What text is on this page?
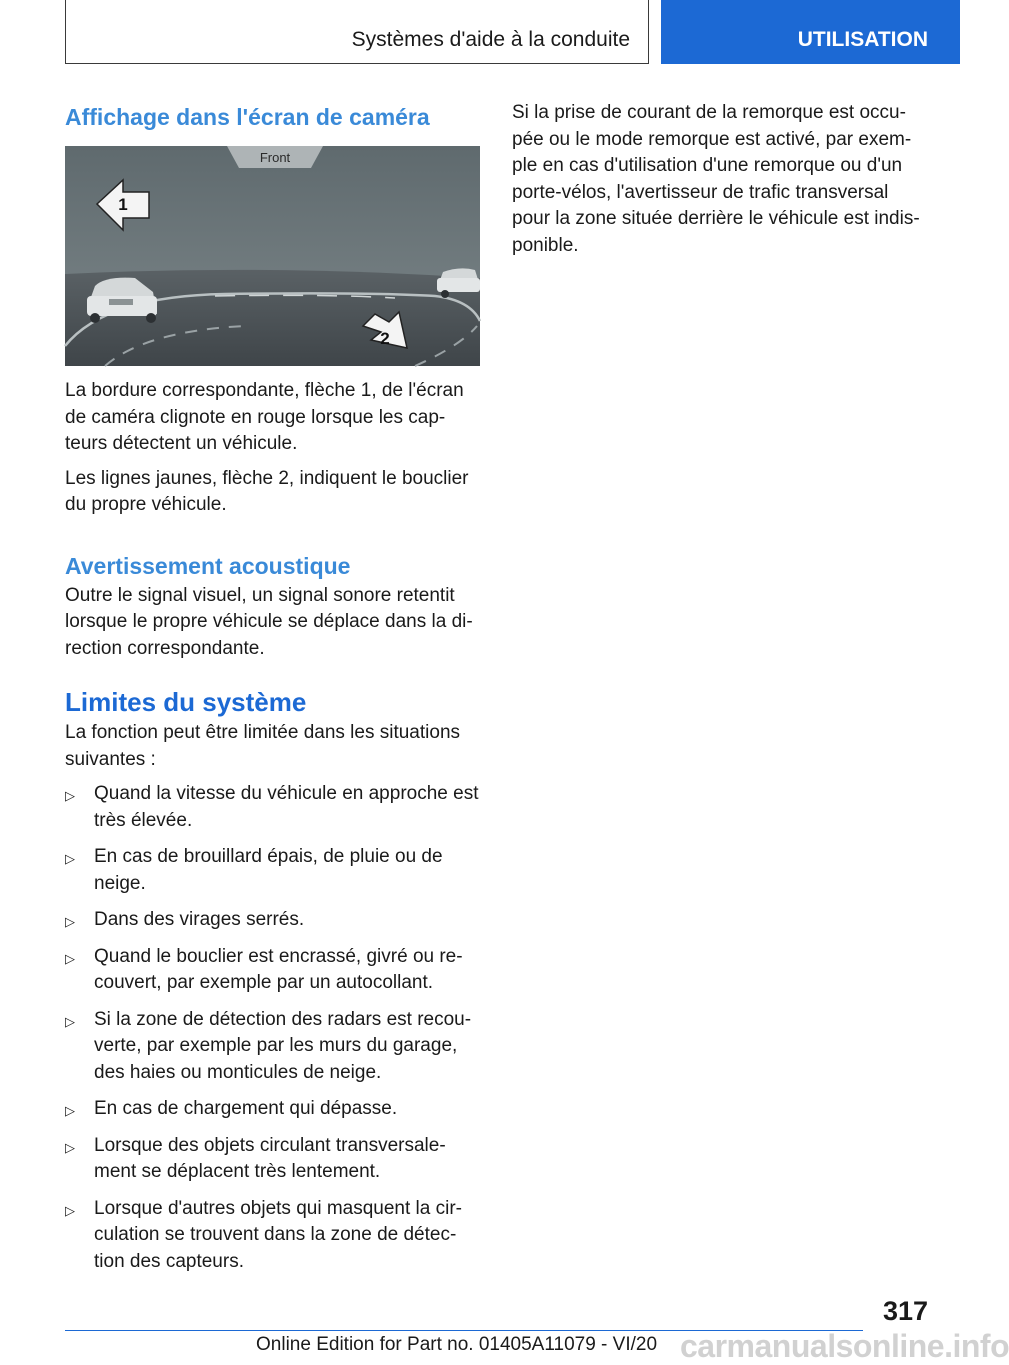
Systèmes d'aide à la conduite	UTILISATION
Affichage dans l'écran de caméra
Front
1
2

La bordure correspondante, flèche 1, de l'écran de caméra clignote en rouge lorsque les cap-teurs détectent un véhicule.

Les lignes jaunes, flèche 2, indiquent le bouclier du propre véhicule.

Avertissement acoustique

Outre le signal visuel, un signal sonore retentit lorsque le propre véhicule se déplace dans la di-rection correspondante.

Limites du système

La fonction peut être limitée dans les situations suivantes :

▷ Quand la vitesse du véhicule en approche est très élevée.
▷ En cas de brouillard épais, de pluie ou de neige.
▷ Dans des virages serrés.
▷ Quand le bouclier est encrassé, givré ou re-couvert, par exemple par un autocollant.
▷ Si la zone de détection des radars est recou-verte, par exemple par les murs du garage, des haies ou monticules de neige.
▷ En cas de chargement qui dépasse.
▷ Lorsque des objets circulant transversale-ment se déplacent très lentement.
▷ Lorsque d'autres objets qui masquent la cir-culation se trouvent dans la zone de détec-tion des capteurs.

Si la prise de courant de la remorque est occu-pée ou le mode remorque est activé, par exem-ple en cas d'utilisation d'une remorque ou d'un porte-vélos, l'avertisseur de trafic transversal pour la zone située derrière le véhicule est indis-ponible.

317
Online Edition for Part no. 01405A11079 - VI/20 carmanualsonline.info
